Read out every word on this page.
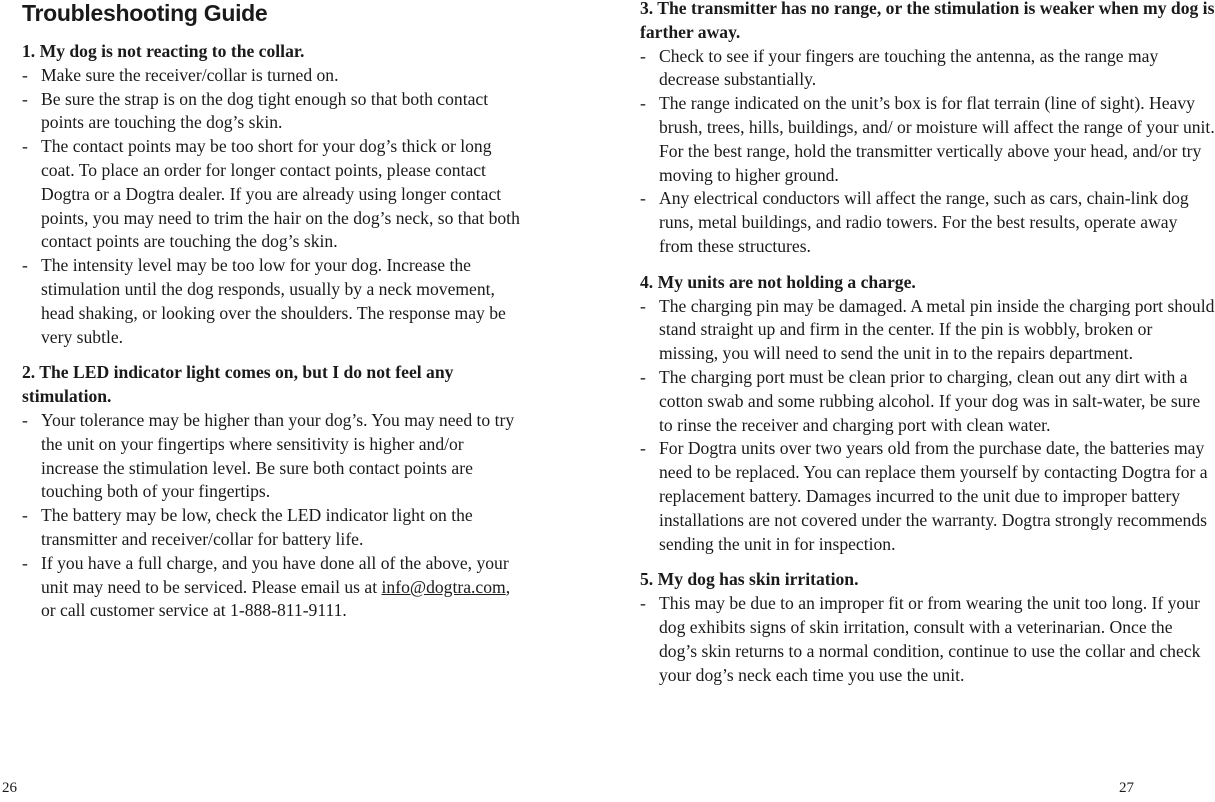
Troubleshooting Guide

1. My dog is not reacting to the collar.

- Make sure the receiver/collar is turned on.
- Be sure the strap is on the dog tight enough so that both contact points are touching the dog’s skin.
- The contact points may be too short for your dog’s thick or long coat. To place an order for longer contact points, please contact Dogtra or a Dogtra dealer. If you are already using longer contact points, you may need to trim the hair on the dog’s neck, so that both contact points are touching the dog’s skin.
- The intensity level may be too low for your dog. Increase the stimulation until the dog responds, usually by a neck movement, head shaking, or looking over the shoulders. The response may be very subtle.

2. The LED indicator light comes on, but I do not feel any stimulation.

- Your tolerance may be higher than your dog’s. You may need to try the unit on your fingertips where sensitivity is higher and/or increase the stimulation level. Be sure both contact points are touching both of your fingertips.
- The battery may be low, check the LED indicator light on the transmitter and receiver/collar for battery life.
- If you have a full charge, and you have done all of the above, your unit may need to be serviced. Please email us at info@dogtra.com, or call customer service at 1-888-811-9111.
26

3. The transmitter has no range, or the stimulation is weaker when my dog is farther away.

- Check to see if your fingers are touching the antenna, as the range may decrease substantially.
- The range indicated on the unit’s box is for flat terrain (line of sight). Heavy brush, trees, hills, buildings, and/ or moisture will affect the range of your unit. For the best range, hold the transmitter vertically above your head, and/or try moving to higher ground.
- Any electrical conductors will affect the range, such as cars, chain-link dog runs, metal buildings, and radio towers. For the best results, operate away from these structures.

4. My units are not holding a charge.

- The charging pin may be damaged. A metal pin inside the charging port should stand straight up and firm in the center. If the pin is wobbly, broken or missing, you will need to send the unit in to the repairs department.
- The charging port must be clean prior to charging, clean out any dirt with a cotton swab and some rubbing alcohol. If your dog was in salt-water, be sure to rinse the receiver and charging port with clean water.
- For Dogtra units over two years old from the purchase date, the batteries may need to be replaced. You can replace them yourself by contacting Dogtra for a replacement battery. Damages incurred to the unit due to improper battery installations are not covered under the warranty. Dogtra strongly recommends sending the unit in for inspection.

5. My dog has skin irritation.

- This may be due to an improper fit or from wearing the unit too long. If your dog exhibits signs of skin irritation, consult with a veterinarian. Once the dog’s skin returns to a normal condition, continue to use the collar and check your dog’s neck each time you use the unit.
27
